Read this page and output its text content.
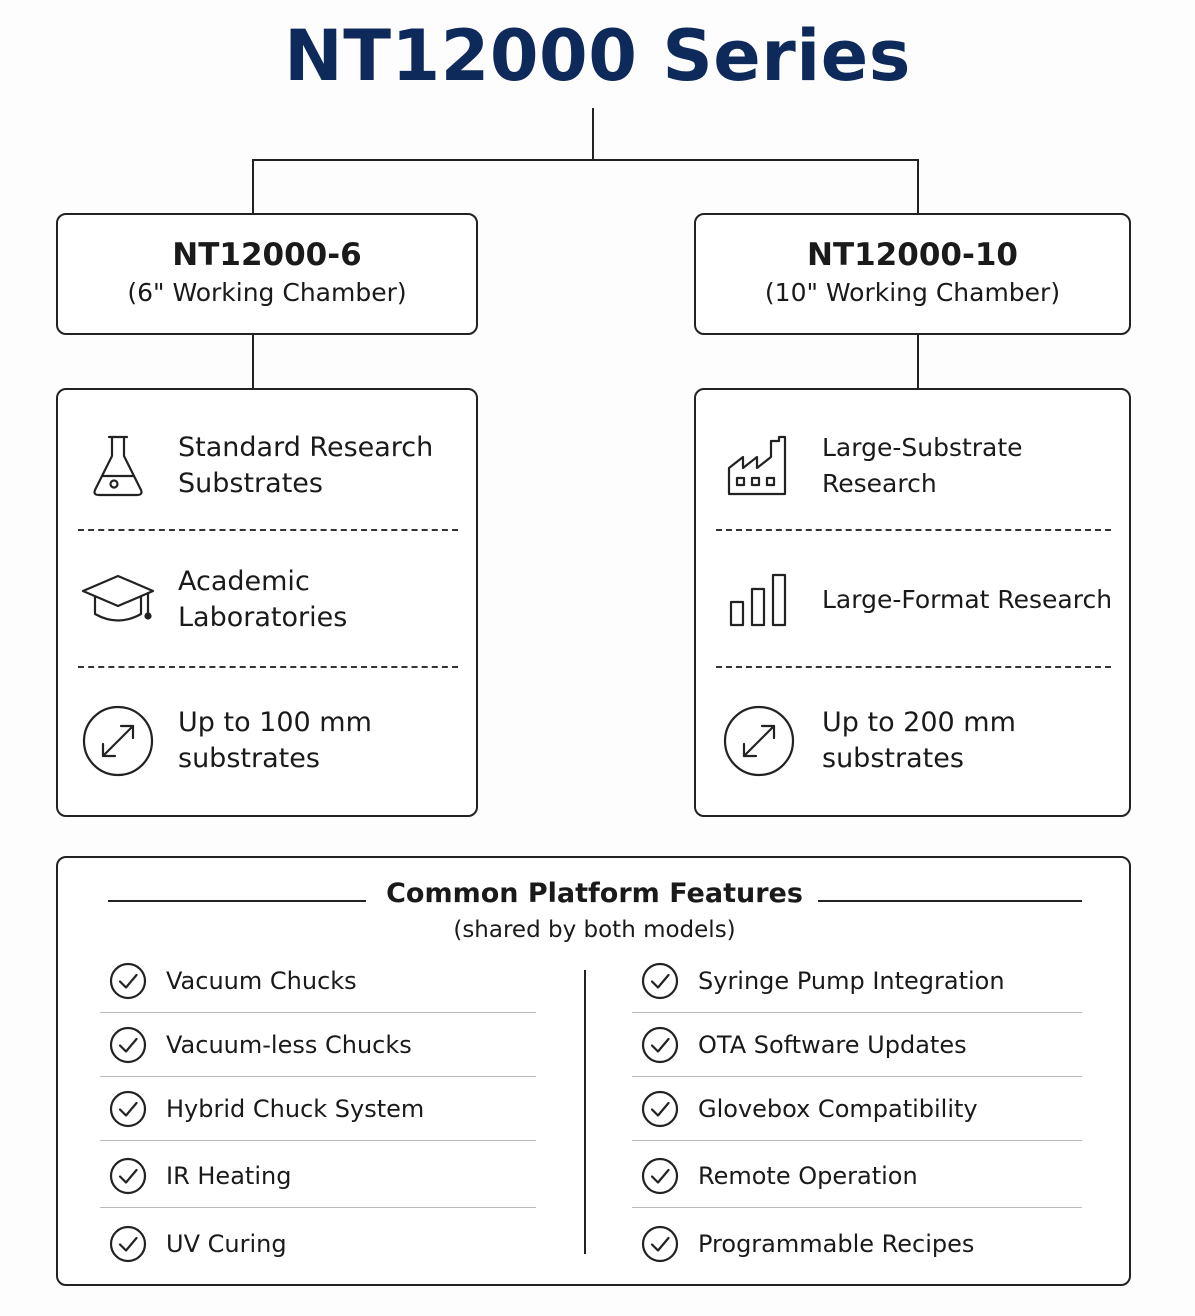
NT12000 Series
NT12000-6
(6" Working Chamber)
NT12000-10
(10" Working Chamber)
Standard Research
Substrates
Academic
Laboratories
Up to 100 mm
substrates
Large-Substrate Research
Large-Format Research
Up to 200 mm
substrates
Common Platform Features
(shared by both models)
Vacuum Chucks
Vacuum-less Chucks
Hybrid Chuck System
IR Heating
UV Curing
Syringe Pump Integration
OTA Software Updates
Glovebox Compatibility
Remote Operation
Programmable Recipes
